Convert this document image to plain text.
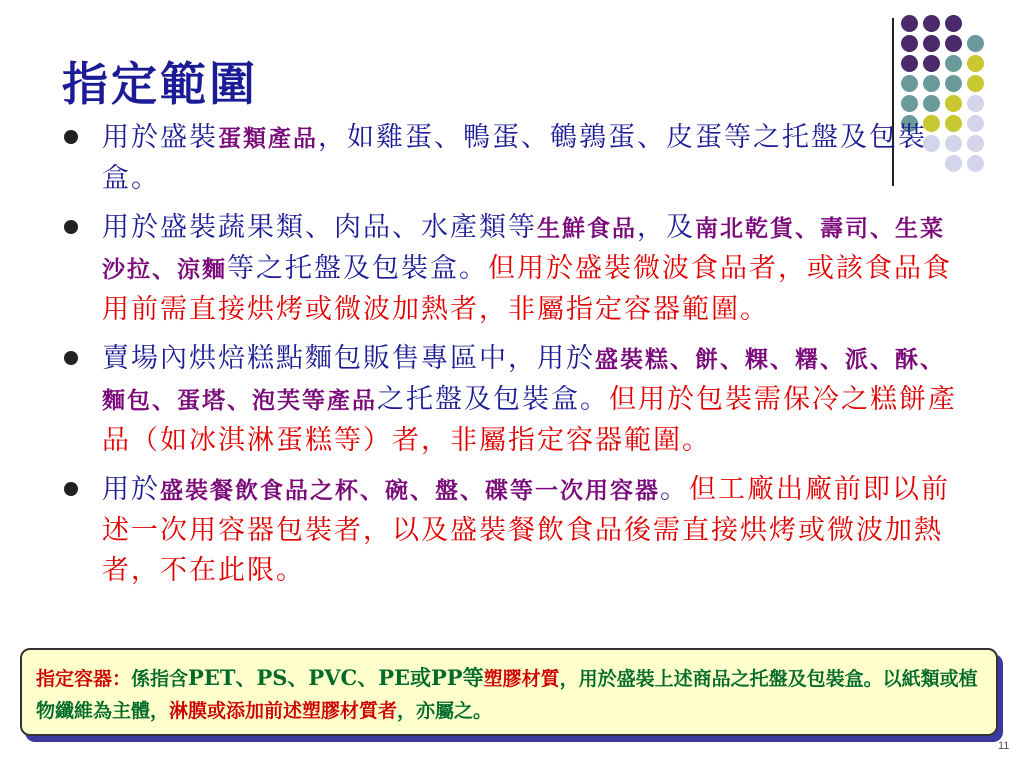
指定範圍
用於盛裝蛋類產品，如雞蛋、鴨蛋、鵪鶉蛋、皮蛋等之托盤及包裝盒。
用於盛裝蔬果類、肉品、水產類等生鮮食品，及南北乾貨、壽司、生菜沙拉、涼麵等之托盤及包裝盒。但用於盛裝微波食品者，或該食品食用前需直接烘烤或微波加熱者，非屬指定容器範圍。
賣場內烘焙糕點麵包販售專區中，用於盛裝糕、餅、粿、糬、派、酥、麵包、蛋塔、泡芙等產品之托盤及包裝盒。但用於包裝需保冷之糕餅產品（如冰淇淋蛋糕等）者，非屬指定容器範圍。
用於盛裝餐飲食品之杯、碗、盤、碟等一次用容器。但工廠出廠前即以前述一次用容器包裝者，以及盛裝餐飲食品後需直接烘烤或微波加熱者，不在此限。
指定容器：係指含PET、PS、PVC、PE或PP等塑膠材質，用於盛裝上述商品之托盤及包裝盒。以紙類或植物纖維為主體，淋膜或添加前述塑膠材質者，亦屬之。
11
